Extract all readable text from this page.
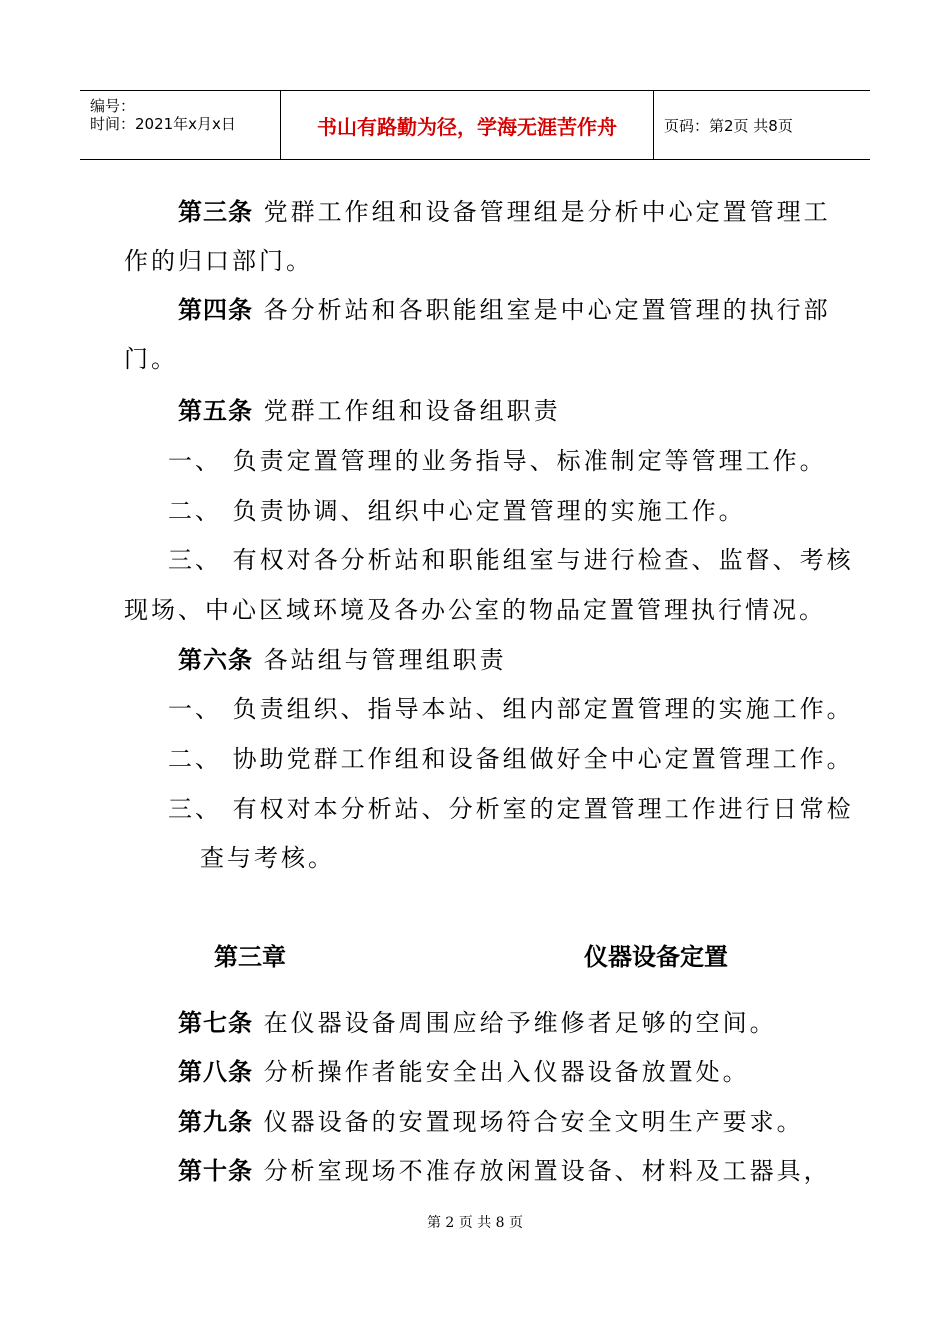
编号：
时间：2021年x月x日	书山有路勤为径，学海无涯苦作舟	页码：第2页 共8页
第三条 党群工作组和设备管理组是分析中心定置管理工
作的归口部门。
第四条 各分析站和各职能组室是中心定置管理的执行部
门。
第五条 党群工作组和设备组职责
一、 负责定置管理的业务指导、标准制定等管理工作。
二、 负责协调、组织中心定置管理的实施工作。
三、 有权对各分析站和职能组室与进行检查、监督、考核
现场、中心区域环境及各办公室的物品定置管理执行情况。
第六条 各站组与管理组职责
一、 负责组织、指导本站、组内部定置管理的实施工作。
二、 协助党群工作组和设备组做好全中心定置管理工作。
三、 有权对本分析站、分析室的定置管理工作进行日常检
查与考核。
第三章	仪器设备定置
第七条 在仪器设备周围应给予维修者足够的空间。
第八条 分析操作者能安全出入仪器设备放置处。
第九条 仪器设备的安置现场符合安全文明生产要求。
第十条 分析室现场不准存放闲置设备、材料及工器具，
第 2 页 共 8 页
